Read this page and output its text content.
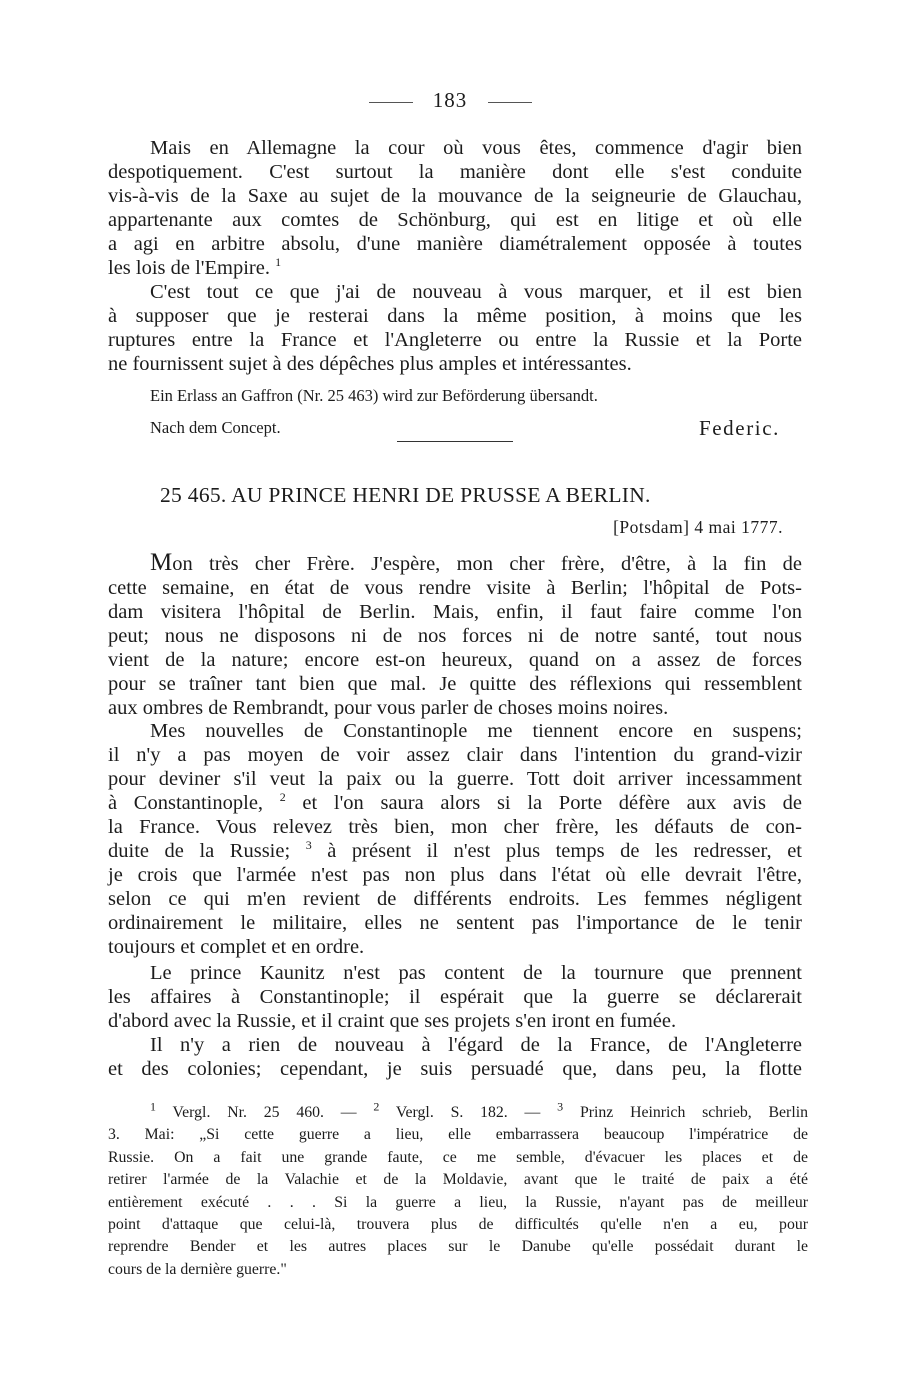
183
Mais en Allemagne la cour où vous êtes, commence d'agir bien
despotiquement. C'est surtout la manière dont elle s'est conduite
vis-à-vis de la Saxe au sujet de la mouvance de la seigneurie de Glauchau,
appartenante aux comtes de Schönburg, qui est en litige et où elle
a agi en arbitre absolu, d'une manière diamétralement opposée à toutes
les lois de l'Empire. $^1$
C'est tout ce que j'ai de nouveau à vous marquer, et il est bien
à supposer que je resterai dans la même position, à moins que les
ruptures entre la France et l'Angleterre ou entre la Russie et la Porte
ne fournissent sujet à des dépêches plus amples et intéressantes.
Ein Erlass an Gaffron (Nr. 25 463) wird zur Beförderung übersandt.
Nach dem Concept.	Federic.
25 465. AU PRINCE HENRI DE PRUSSE A BERLIN.
[Potsdam] 4 mai 1777.
Mon très cher Frère. J'espère, mon cher frère, d'être, à la fin de
cette semaine, en état de vous rendre visite à Berlin; l'hôpital de Pots-
dam visitera l'hôpital de Berlin. Mais, enfin, il faut faire comme l'on
peut; nous ne disposons ni de nos forces ni de notre santé, tout nous
vient de la nature; encore est-on heureux, quand on a assez de forces
pour se traîner tant bien que mal. Je quitte des réflexions qui ressemblent
aux ombres de Rembrandt, pour vous parler de choses moins noires.
Mes nouvelles de Constantinople me tiennent encore en suspens;
il n'y a pas moyen de voir assez clair dans l'intention du grand-vizir
pour deviner s'il veut la paix ou la guerre. Tott doit arriver incessamment
à Constantinople, $^2$ et l'on saura alors si la Porte défère aux avis de
la France. Vous relevez très bien, mon cher frère, les défauts de con-
duite de la Russie; $^3$ à présent il n'est plus temps de les redresser, et
je crois que l'armée n'est pas non plus dans l'état où elle devrait l'être,
selon ce qui m'en revient de différents endroits. Les femmes négligent
ordinairement le militaire, elles ne sentent pas l'importance de le tenir
toujours et complet et en ordre.
Le prince Kaunitz n'est pas content de la tournure que prennent
les affaires à Constantinople; il espérait que la guerre se déclarerait
d'abord avec la Russie, et il craint que ses projets s'en iront en fumée.
Il n'y a rien de nouveau à l'égard de la France, de l'Angleterre
et des colonies; cependant, je suis persuadé que, dans peu, la flotte
$^1$ Vergl. Nr. 25 460. — $^2$ Vergl. S. 182. — $^3$ Prinz Heinrich schrieb, Berlin
3. Mai: „Si cette guerre a lieu, elle embarrassera beaucoup l'impératrice de
Russie. On a fait une grande faute, ce me semble, d'évacuer les places et de
retirer l'armée de la Valachie et de la Moldavie, avant que le traité de paix a été
entièrement exécuté . . . Si la guerre a lieu, la Russie, n'ayant pas de meilleur
point d'attaque que celui-là, trouvera plus de difficultés qu'elle n'en a eu, pour
reprendre Bender et les autres places sur le Danube qu'elle possédait durant le
cours de la dernière guerre."
